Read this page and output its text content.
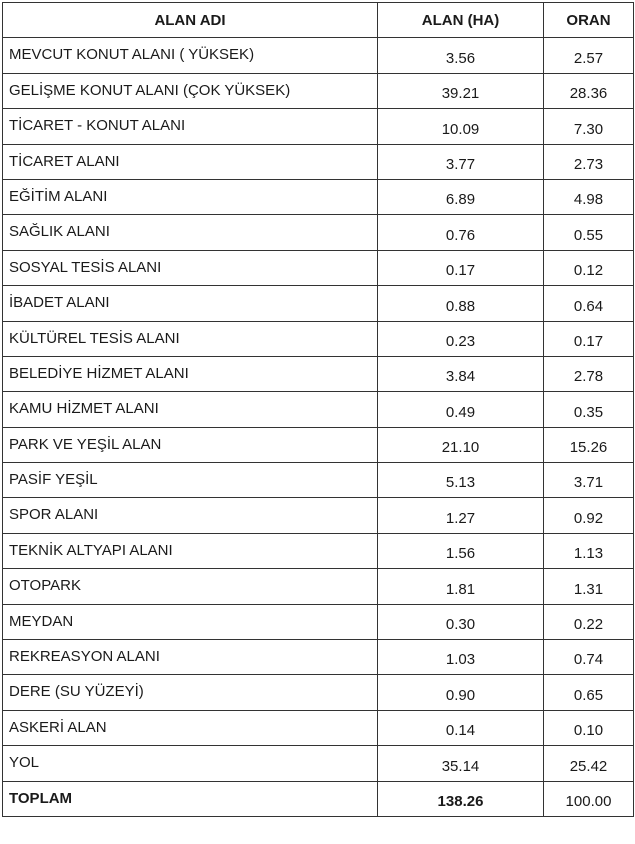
ALAN ADI	ALAN (HA)	ORAN
MEVCUT KONUT ALANI ( YÜKSEK)	3.56	2.57
GELİŞME KONUT ALANI (ÇOK YÜKSEK)	39.21	28.36
TİCARET - KONUT ALANI	10.09	7.30
TİCARET ALANI	3.77	2.73
EĞİTİM ALANI	6.89	4.98
SAĞLIK ALANI	0.76	0.55
SOSYAL TESİS ALANI	0.17	0.12
İBADET ALANI	0.88	0.64
KÜLTÜREL TESİS ALANI	0.23	0.17
BELEDİYE HİZMET ALANI	3.84	2.78
KAMU HİZMET ALANI	0.49	0.35
PARK VE YEŞİL ALAN	21.10	15.26
PASİF YEŞİL	5.13	3.71
SPOR ALANI	1.27	0.92
TEKNİK ALTYAPI ALANI	1.56	1.13
OTOPARK	1.81	1.31
MEYDAN	0.30	0.22
REKREASYON ALANI	1.03	0.74
DERE (SU YÜZEYİ)	0.90	0.65
ASKERİ ALAN	0.14	0.10
YOL	35.14	25.42
TOPLAM	138.26	100.00
